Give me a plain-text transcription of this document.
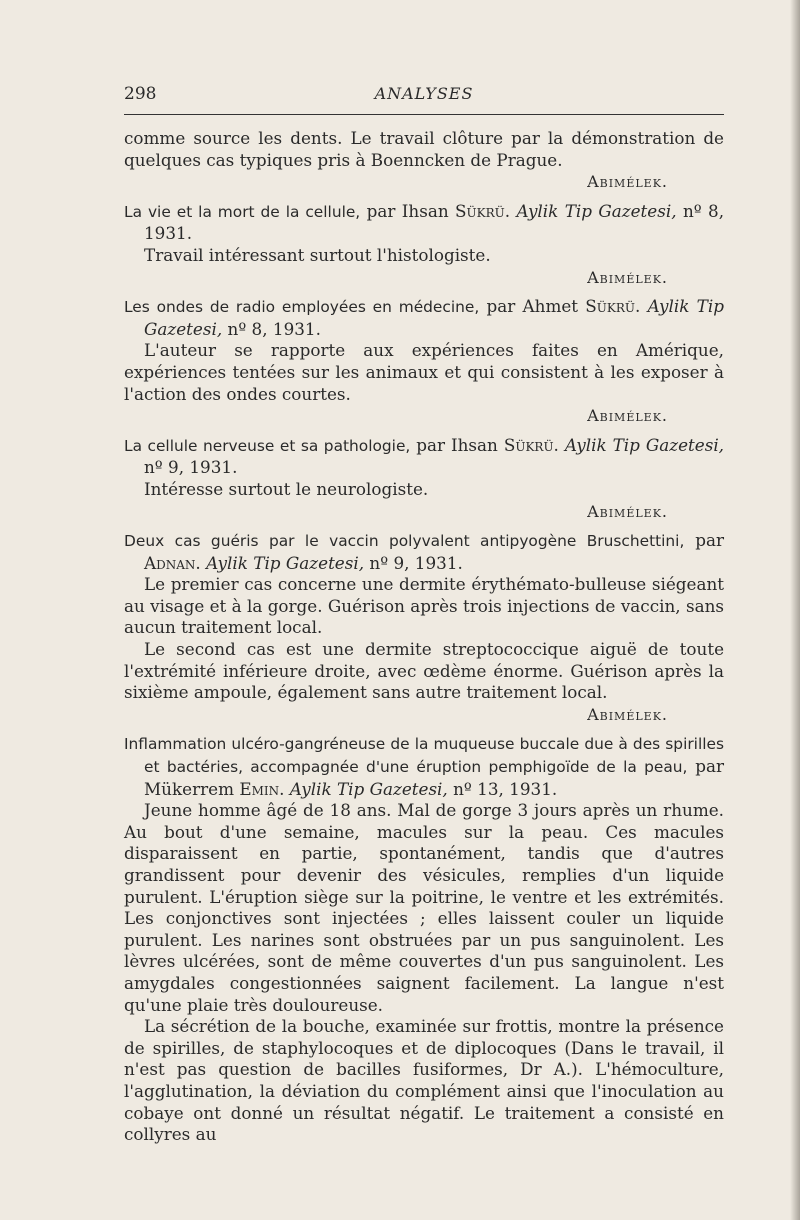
298	ANALYSES

comme source les dents. Le travail clôture par la démonstration de quelques cas typiques pris à Boenncken de Prague.

Abimélek.

La vie et la mort de la cellule, par Ihsan Sükrü. Aylik Tip Gazetesi, nº 8, 1931.

Travail intéressant surtout l'histologiste.

Abimélek.

Les ondes de radio employées en médecine, par Ahmet Sükrü. Aylik Tip Gazetesi, nº 8, 1931.

L'auteur se rapporte aux expériences faites en Amérique, expériences tentées sur les animaux et qui consistent à les exposer à l'action des ondes courtes.

Abimélek.

La cellule nerveuse et sa pathologie, par Ihsan Sükrü. Aylik Tip Gazetesi, nº 9, 1931.

Intéresse surtout le neurologiste.

Abimélek.

Deux cas guéris par le vaccin polyvalent antipyogène Bruschettini, par Adnan. Aylik Tip Gazetesi, nº 9, 1931.

Le premier cas concerne une dermite érythémato-bulleuse siégeant au visage et à la gorge. Guérison après trois injections de vaccin, sans aucun traitement local.

Le second cas est une dermite streptococcique aiguë de toute l'extrémité inférieure droite, avec œdème énorme. Guérison après la sixième ampoule, également sans autre traitement local.

Abimélek.

Inflammation ulcéro-gangréneuse de la muqueuse buccale due à des spirilles et bactéries, accompagnée d'une éruption pemphigoïde de la peau, par Mükerrem Emin. Aylik Tip Gazetesi, nº 13, 1931.

Jeune homme âgé de 18 ans. Mal de gorge 3 jours après un rhume. Au bout d'une semaine, macules sur la peau. Ces macules disparaissent en partie, spontanément, tandis que d'autres grandissent pour devenir des vésicules, remplies d'un liquide purulent. L'éruption siège sur la poitrine, le ventre et les extrémités. Les conjonctives sont injectées ; elles laissent couler un liquide purulent. Les narines sont obstruées par un pus sanguinolent. Les lèvres ulcérées, sont de même couvertes d'un pus sanguinolent. Les amygdales congestionnées saignent facilement. La langue n'est qu'une plaie très douloureuse.

La sécrétion de la bouche, examinée sur frottis, montre la présence de spirilles, de staphylocoques et de diplocoques (Dans le travail, il n'est pas question de bacilles fusiformes, Dr A.). L'hémoculture, l'agglutination, la déviation du complément ainsi que l'inoculation au cobaye ont donné un résultat négatif. Le traitement a consisté en collyres au
